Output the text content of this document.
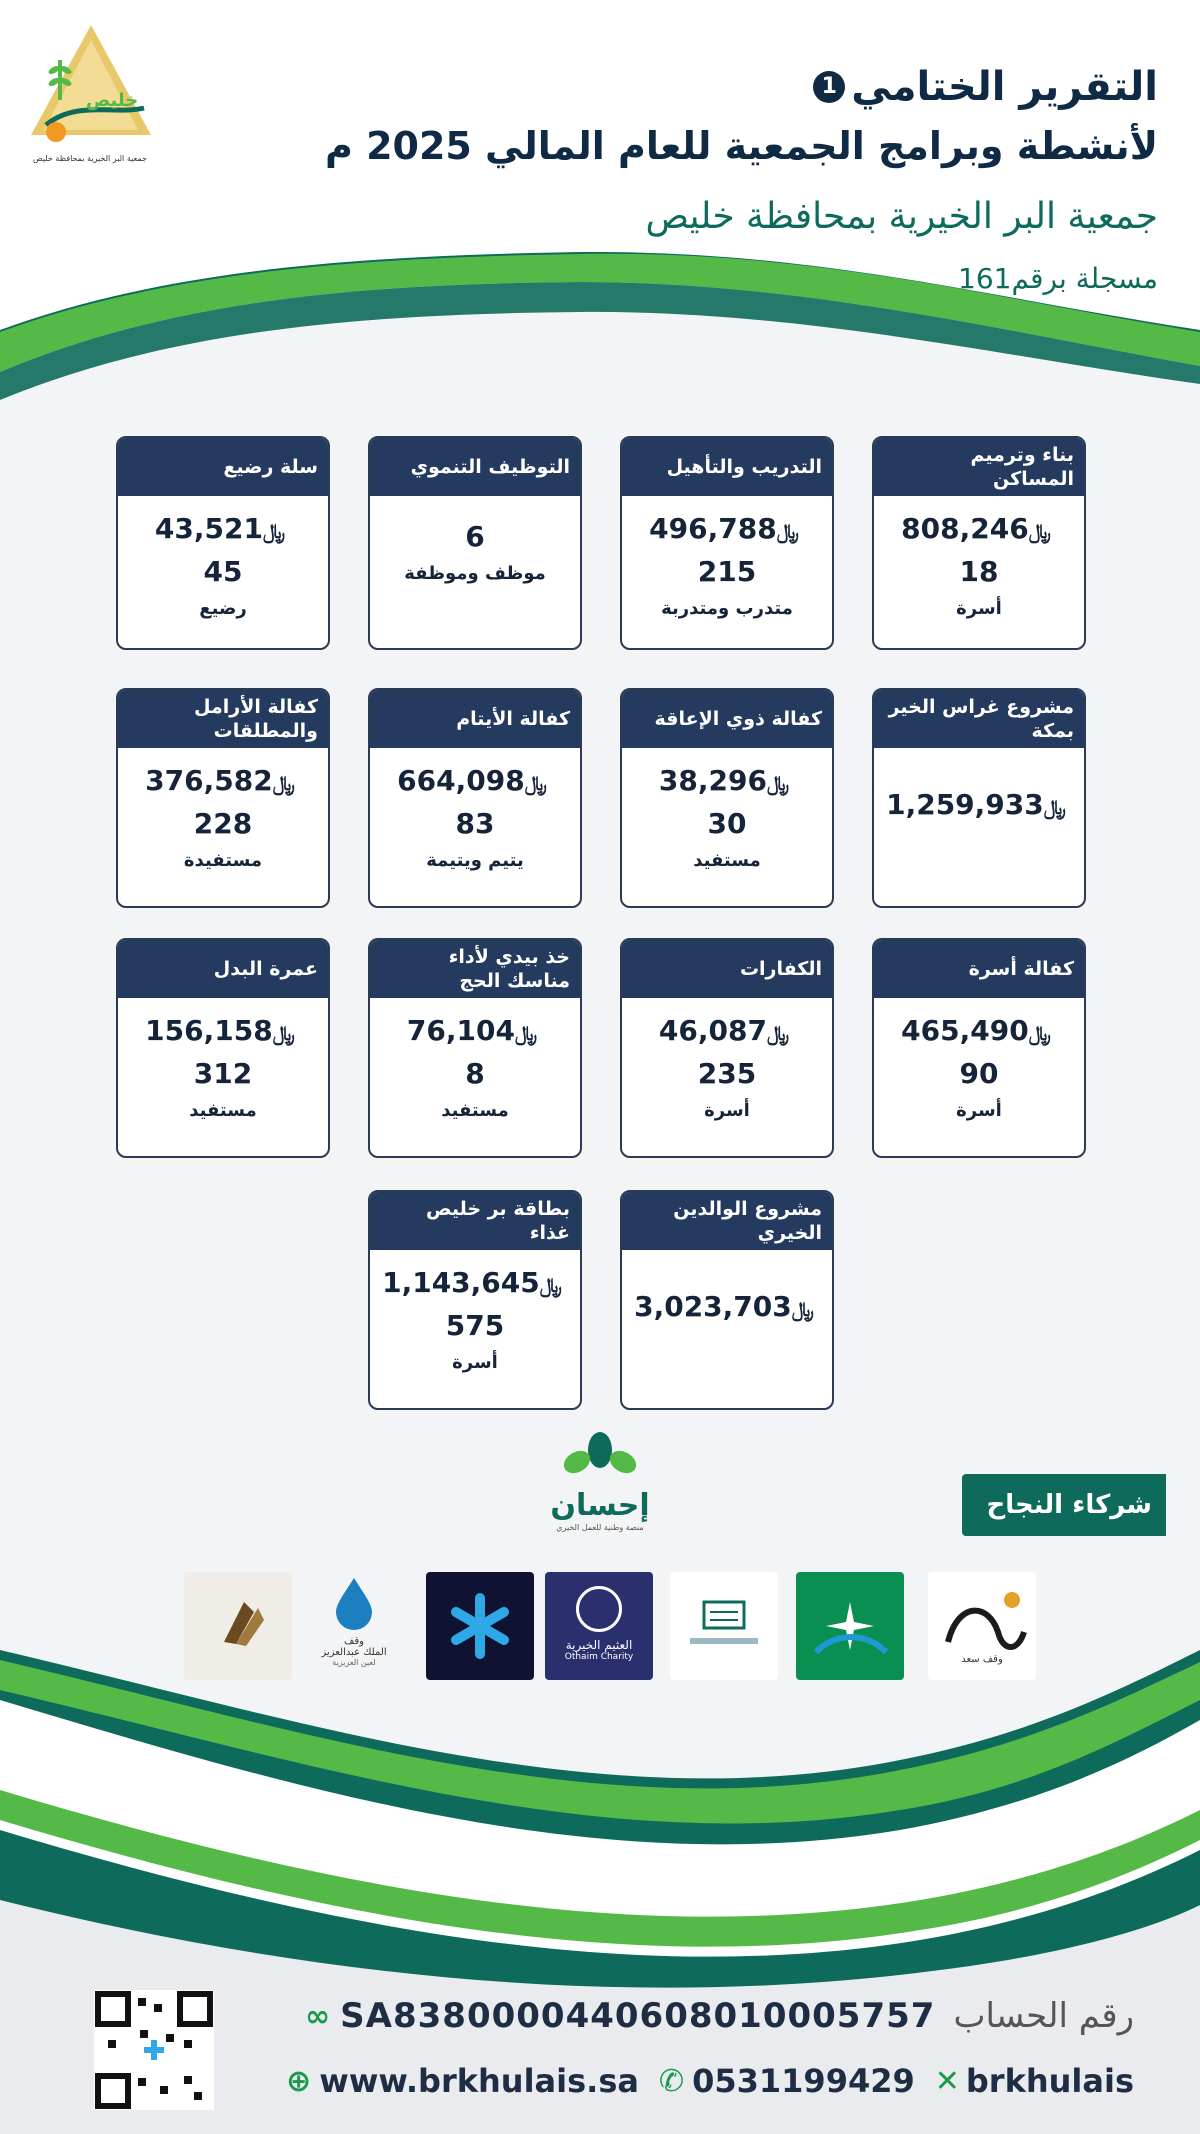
خليص
جمعية البر الخيرية بمحافظة خليص
التقرير الختامي
1
لأنشطة وبرامج الجمعية للعام المالي 2025 م
جمعية البر الخيرية بمحافظة خليص
مسجلة برقم161
بناء وترميم المساكن
﷼808,246
18
أسرة
التدريب والتأهيل
﷼496,788
215
متدرب ومتدربة
التوظيف التنموي
6
موظف وموظفة
سلة رضيع
﷼43,521
45
رضيع
مشروع غراس الخير بمكة
﷼1,259,933
كفالة ذوي الإعاقة
﷼38,296
30
مستفيد
كفالة الأيتام
﷼664,098
83
يتيم ويتيمة
كفالة الأرامل والمطلقات
﷼376,582
228
مستفيدة
كفالة أسرة
﷼465,490
90
أسرة
الكفارات
﷼46,087
235
أسرة
خذ بيدي لأداء مناسك الحج
﷼76,104
8
مستفيد
عمرة البدل
﷼156,158
312
مستفيد
مشروع الوالدين الخيري
﷼3,023,703
بطاقة بر خليص غذاء
﷼1,143,645
575
أسرة
شركاء النجاح
إحسان
منصة وطنية للعمل الخيري
وقف سعد
العثيم الخيرية
Othaim Charity
وقف
الملك عبدالعزيز
لعين العزيزية
∞ SA8380000440608010005757 رقم الحساب
⊕ www.brkhulais.sa ✆ 0531199429 ✕ brkhulais
